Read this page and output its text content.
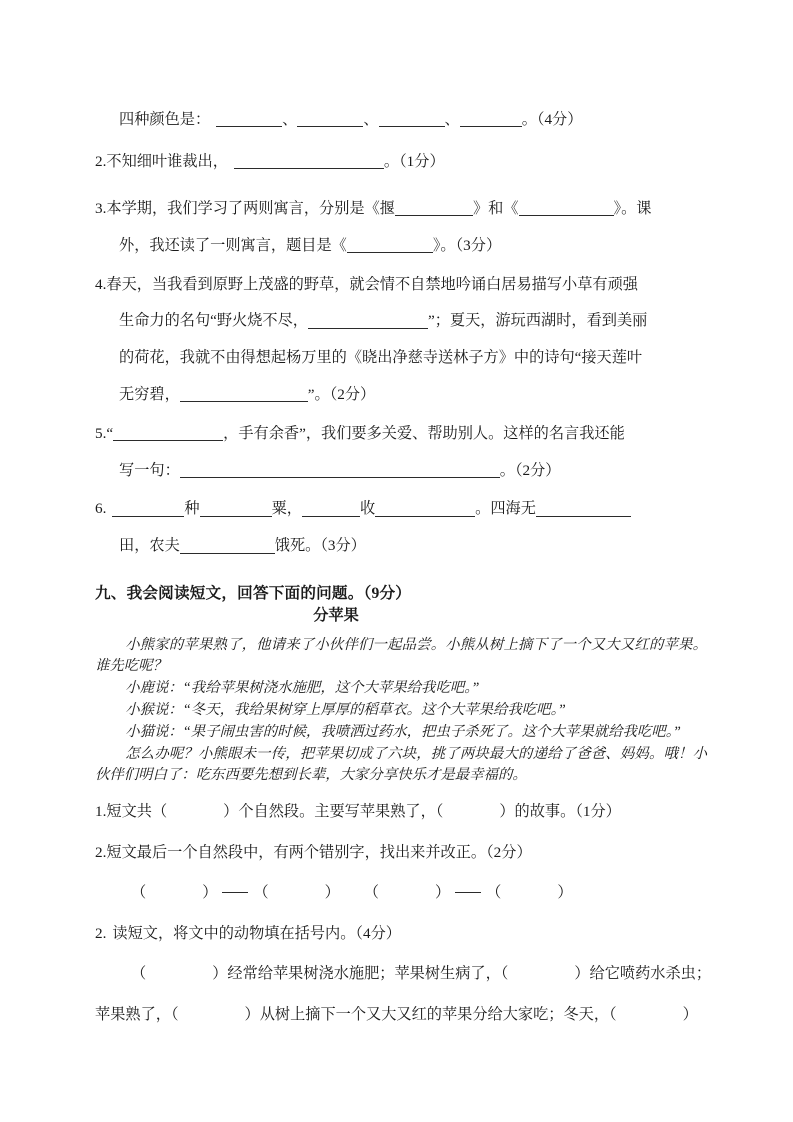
四种颜色是：	、	、	、	。（4分）
2.不知细叶谁裁出，	。（1分）
3.本学期，我们学习了两则寓言，分别是《揠	》和《	》。课
外，我还读了一则寓言，题目是《	》。（3分）
4.春天，当我看到原野上茂盛的野草，就会情不自禁地吟诵白居易描写小草有顽强
生命力的名句“野火烧不尽，	”；夏天，游玩西湖时，看到美丽
的荷花，我就不由得想起杨万里的《晓出净慈寺送林子方》中的诗句“接天莲叶
无穷碧，	”。（2分）
5.“	，手有余香”，我们要多关爱、帮助别人。这样的名言我还能
写一句：	。（2分）
6.	种	粟，	收	。四海无
田，农夫	饿死。（3分）
九、我会阅读短文，回答下面的问题。（9分）
分苹果

小熊家的苹果熟了，他请来了小伙伴们一起品尝。小熊从树上摘下了一个又大又红的苹果。谁先吃呢？

小鹿说：“我给苹果树浇水施肥，这个大苹果给我吃吧。”

小猴说：“冬天，我给果树穿上厚厚的稻草衣。这个大苹果给我吃吧。”

小猫说：“果子闹虫害的时候，我喷洒过药水，把虫子杀死了。这个大苹果就给我吃吧。”

怎么办呢？小熊眼未一传，把苹果切成了六块，挑了两块最大的递给了爸爸、妈妈。哦！小伙伴们明白了：吃东西要先想到长辈，大家分享快乐才是最幸福的。

1.短文共（	）个自然段。主要写苹果熟了，（	）的故事。（1分）
2.短文最后一个自然段中，有两个错别字，找出来并改正。（2分）
（	） （	） （	） （	）
2. 读短文，将文中的动物填在括号内。（4分）
（	）经常给苹果树浇水施肥；苹果树生病了，（	）给它喷药水杀虫；
苹果熟了，（	）从树上摘下一个又大又红的苹果分给大家吃；冬天，（	）
